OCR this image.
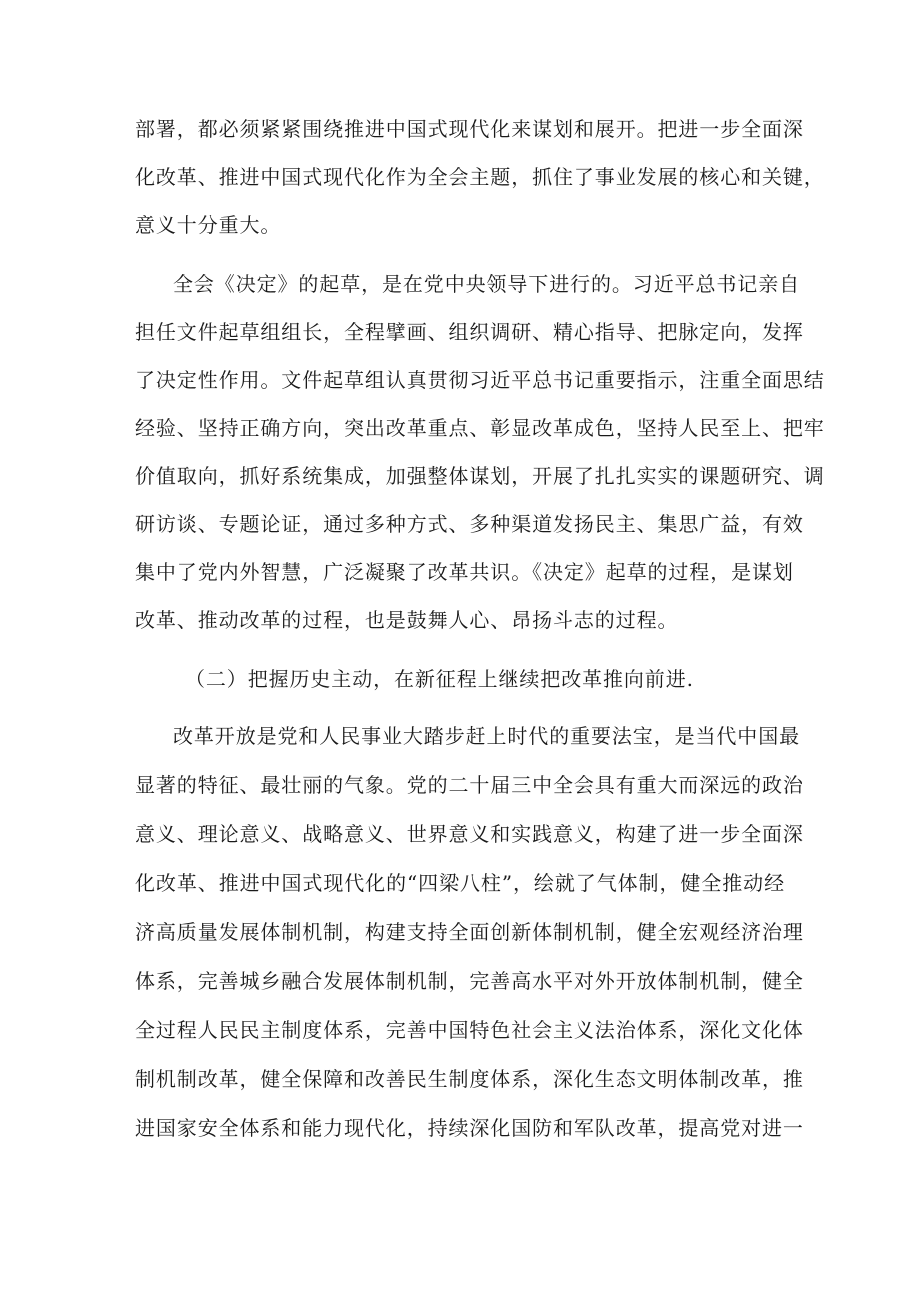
部署，都必须紧紧围绕推进中国式现代化来谋划和展开。把进一步全面深
化改革、推进中国式现代化作为全会主题，抓住了事业发展的核心和关键，
意义十分重大。
全会《决定》的起草，是在党中央领导下进行的。习近平总书记亲自
担任文件起草组组长，全程擘画、组织调研、精心指导、把脉定向，发挥
了决定性作用。文件起草组认真贯彻习近平总书记重要指示，注重全面思结
经验、坚持正确方向，突出改革重点、彰显改革成色，坚持人民至上、把牢
价值取向，抓好系统集成，加强整体谋划，开展了扎扎实实的课题研究、调
研访谈、专题论证，通过多种方式、多种渠道发扬民主、集思广益，有效
集中了党内外智慧，广泛凝聚了改革共识。《决定》起草的过程，是谋划
改革、推动改革的过程，也是鼓舞人心、昂扬斗志的过程。
（二）把握历史主动，在新征程上继续把改革推向前进.
改革开放是党和人民事业大踏步赶上时代的重要法宝，是当代中国最
显著的特征、最壮丽的气象。党的二十届三中全会具有重大而深远的政治
意义、理论意义、战略意义、世界意义和实践意义，构建了进一步全面深
化改革、推进中国式现代化的“四梁八柱”，绘就了气体制，健全推动经
济高质量发展体制机制，构建支持全面创新体制机制，健全宏观经济治理
体系，完善城乡融合发展体制机制，完善高水平对外开放体制机制，健全
全过程人民民主制度体系，完善中国特色社会主义法治体系，深化文化体
制机制改革，健全保障和改善民生制度体系，深化生态文明体制改革，推
进国家安全体系和能力现代化，持续深化国防和军队改革，提高党对进一
